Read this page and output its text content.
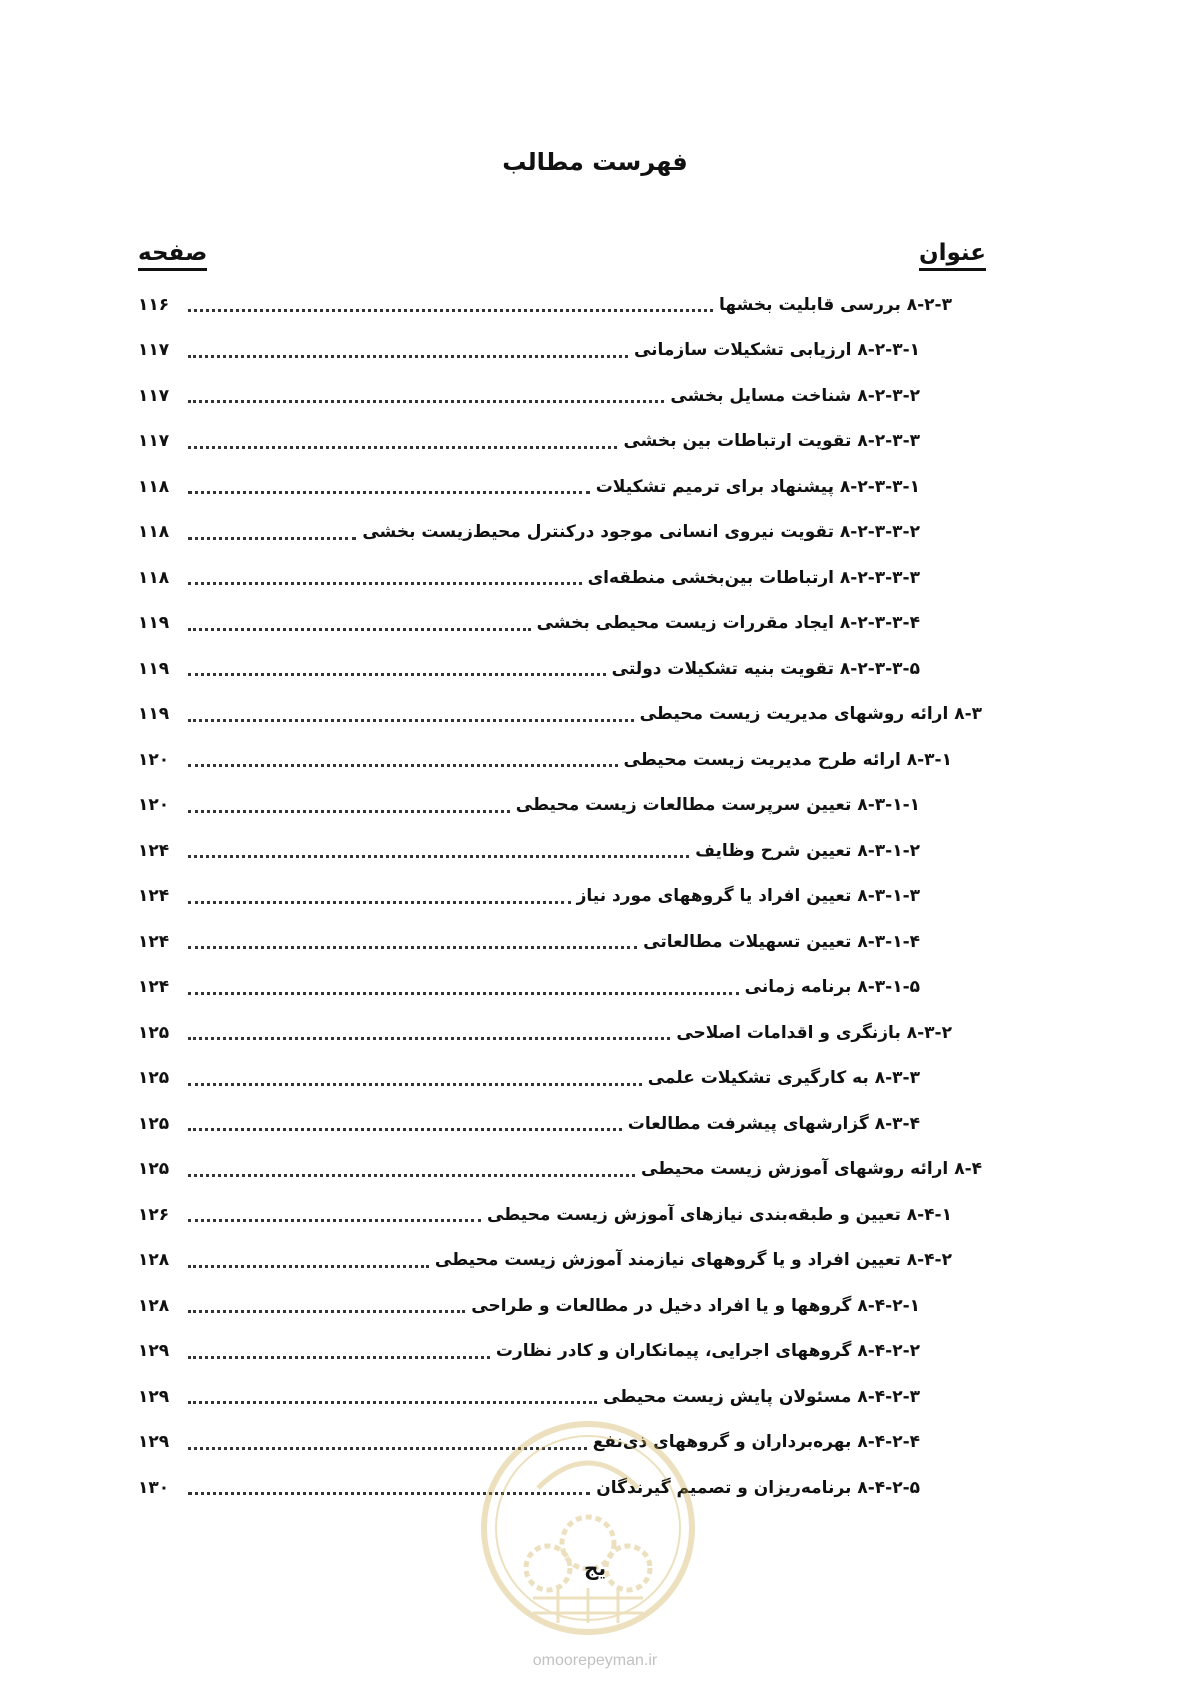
فهرست مطالب
عنوان
صفحه
۸-۲-۳ بررسی قابلیت بخشها
۱۱۶
۸-۲-۳-۱ ارزیابی تشکیلات سازمانی
۱۱۷
۸-۲-۳-۲ شناخت مسایل بخشی
۱۱۷
۸-۲-۳-۳ تقویت ارتباطات بین بخشی
۱۱۷
۸-۲-۳-۳-۱ پیشنهاد برای ترمیم تشکیلات
۱۱۸
۸-۲-۳-۳-۲ تقویت نیروی انسانی موجود درکنترل محیط‌زیست بخشی
۱۱۸
۸-۲-۳-۳-۳ ارتباطات بین‌بخشی منطقه‌ای
۱۱۸
۸-۲-۳-۳-۴ ایجاد مقررات زیست محیطی بخشی
۱۱۹
۸-۲-۳-۳-۵ تقویت بنیه تشکیلات دولتی
۱۱۹
۸-۳ ارائه روشهای مدیریت زیست محیطی
۱۱۹
۸-۳-۱ ارائه طرح مدیریت زیست محیطی
۱۲۰
۸-۳-۱-۱ تعیین سرپرست مطالعات زیست محیطی
۱۲۰
۸-۳-۱-۲ تعیین شرح وظایف
۱۲۴
۸-۳-۱-۳ تعیین افراد یا گروههای مورد نیاز
۱۲۴
۸-۳-۱-۴ تعیین تسهیلات مطالعاتی
۱۲۴
۸-۳-۱-۵ برنامه زمانی
۱۲۴
۸-۳-۲ بازنگری و اقدامات اصلاحی
۱۲۵
۸-۳-۳ به کارگیری تشکیلات علمی
۱۲۵
۸-۳-۴ گزارشهای پیشرفت مطالعات
۱۲۵
۸-۴ ارائه روشهای آموزش زیست محیطی
۱۲۵
۸-۴-۱ تعیین و طبقه‌بندی نیازهای آموزش زیست محیطی
۱۲۶
۸-۴-۲ تعیین افراد و یا گروههای نیازمند آموزش زیست محیطی
۱۲۸
۸-۴-۲-۱ گروهها و یا افراد دخیل در مطالعات و طراحی
۱۲۸
۸-۴-۲-۲ گروههای اجرایی، پیمانکاران و کادر نظارت
۱۲۹
۸-۴-۲-۳ مسئولان پایش زیست محیطی
۱۲۹
۸-۴-۲-۴ بهره‌برداران و گروههای ذی‌نفع
۱۲۹
۸-۴-۲-۵ برنامه‌ریزان و تصمیم گیرندگان
۱۳۰
یج
omoorepeyman.ir
